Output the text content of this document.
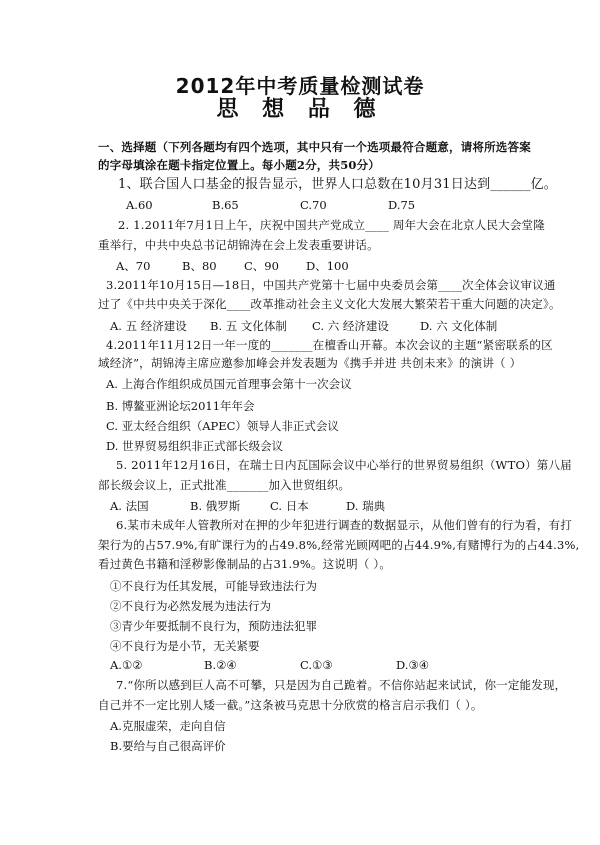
2012年中考质量检测试卷
思 想 品 德
一、选择题（下列各题均有四个选项，其中只有一个选项最符合题意，请将所选答案
的字母填涂在题卡指定位置上。每小题2分，共50分）
1、联合国人口基金的报告显示，世界人口总数在10月31日达到______亿。
A.60	B.65	C.70	D.75
2. 1.2011年7月1日上午，庆祝中国共产党成立____ 周年大会在北京人民大会堂隆
重举行，中共中央总书记胡锦涛在会上发表重要讲话。
A、70	B、80 C、90 D、100
3.2011年10月15日—18日，中国共产党第十七届中央委员会第____次全体会议审议通
过了《中共中央关于深化____改革推动社会主义文化大发展大繁荣若干重大问题的决定》。
A. 五 经济建设 B. 五 文化体制 C. 六 经济建设	D. 六 文化体制
4.2011年11月12日一年一度的_______在檀香山开幕。本次会议的主题“紧密联系的区
域经济”，胡锦涛主席应邀参加峰会并发表题为《携手并进 共创未来》的演讲（ ）
A. 上海合作组织成员国元首理事会第十一次会议
B. 博鳌亚洲论坛2011年年会
C. 亚太经合组织（APEC）领导人非正式会议
D. 世界贸易组织非正式部长级会议
5. 2011年12月16日，在瑞士日内瓦国际会议中心举行的世界贸易组织（WTO）第八届
部长级会议上，正式批准_______加入世贸组织。
A. 法国	B. 俄罗斯	C. 日本	D. 瑞典
6.某市未成年人管教所对在押的少年犯进行调查的数据显示，从他们曾有的行为看，有打
架行为的占57.9%,有旷课行为的占49.8%,经常光顾网吧的占44.9%,有赌博行为的占44.3%,
看过黄色书籍和淫秽影像制品的占31.9%。这说明（ ）。
①不良行为任其发展，可能导致违法行为
②不良行为必然发展为违法行为
③青少年要抵制不良行为，预防违法犯罪
④不良行为是小节，无关紧要
A.①②	B.②④	C.①③	D.③④
7.“你所以感到巨人高不可攀，只是因为自己跪着。不信你站起来试试，你一定能发现，
自己并不一定比别人矮一截。”这条被马克思十分欣赏的格言启示我们（ ）。
A.克服虚荣，走向自信
B.要给与自己很高评价
